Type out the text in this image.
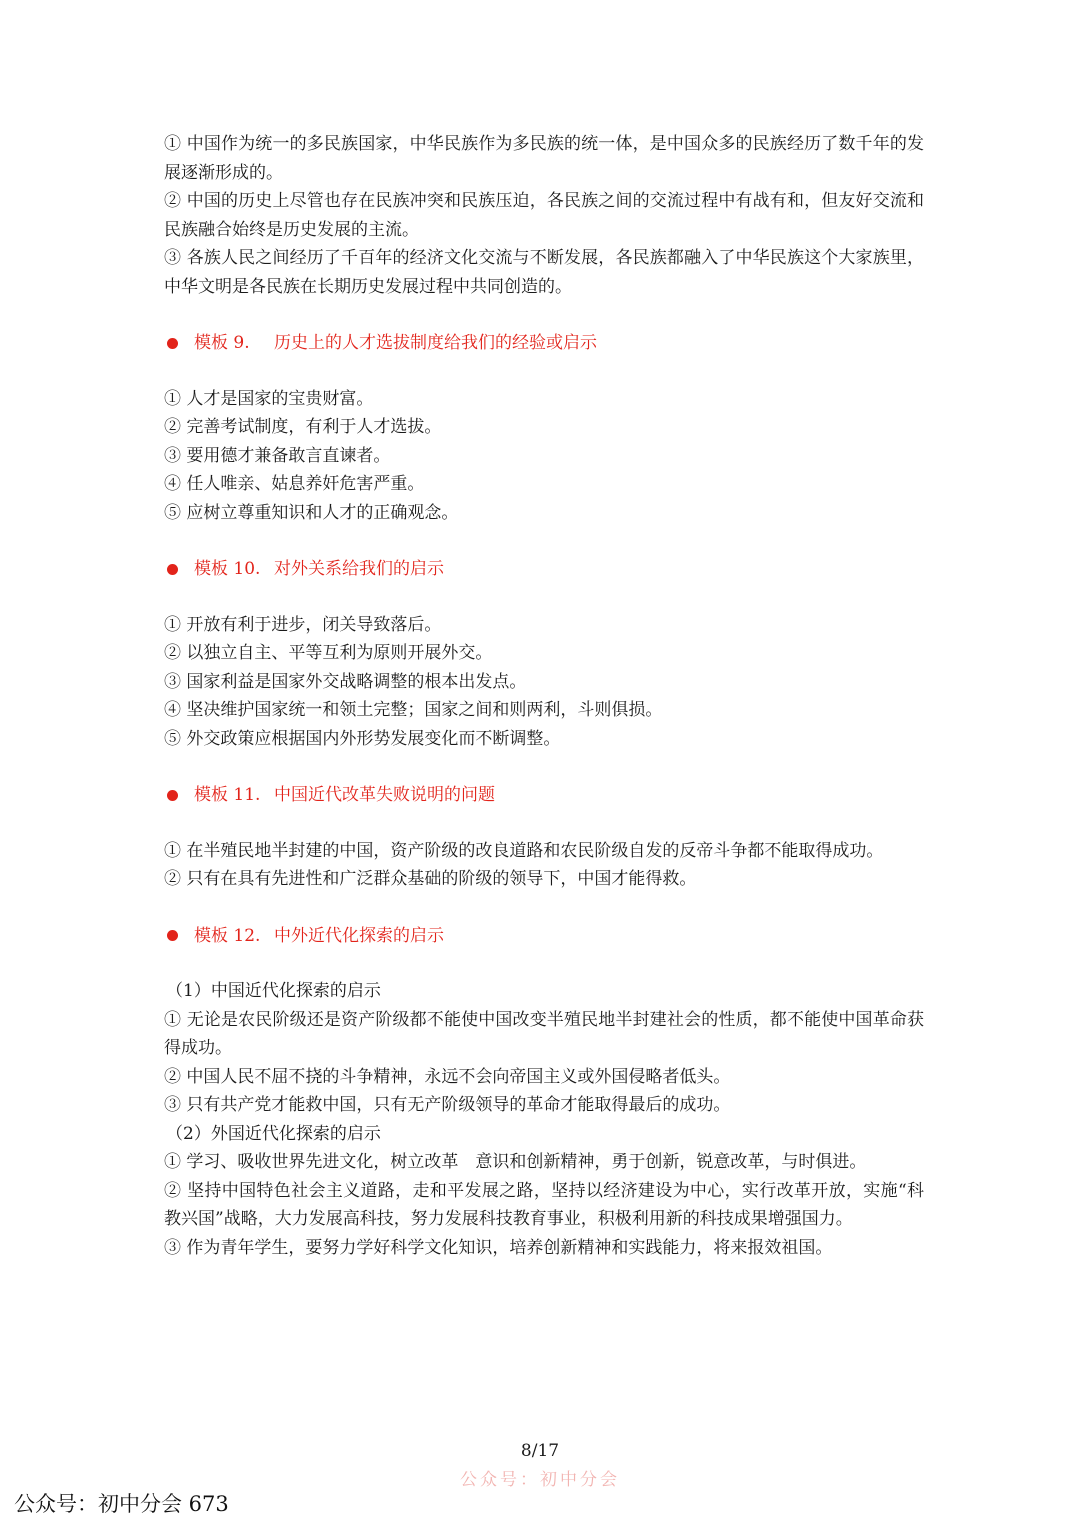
① 中国作为统一的多民族国家，中华民族作为多民族的统一体，是中国众多的民族经历了数千年的发展逐渐形成的。

② 中国的历史上尽管也存在民族冲突和民族压迫，各民族之间的交流过程中有战有和，但友好交流和民族融合始终是历史发展的主流。

③ 各族人民之间经历了千百年的经济文化交流与不断发展，各民族都融入了中华民族这个大家族里，中华文明是各民族在长期历史发展过程中共同创造的。

模板 9.	历史上的人才选拔制度给我们的经验或启示

① 人才是国家的宝贵财富。

② 完善考试制度，有利于人才选拔。

③ 要用德才兼备敢言直谏者。

④ 任人唯亲、姑息养奸危害严重。

⑤ 应树立尊重知识和人才的正确观念。

模板 10. 对外关系给我们的启示

① 开放有利于进步，闭关导致落后。

② 以独立自主、平等互利为原则开展外交。

③ 国家利益是国家外交战略调整的根本出发点。

④ 坚决维护国家统一和领土完整；国家之间和则两利，斗则俱损。

⑤ 外交政策应根据国内外形势发展变化而不断调整。

模板 11. 中国近代改革失败说明的问题

① 在半殖民地半封建的中国，资产阶级的改良道路和农民阶级自发的反帝斗争都不能取得成功。

② 只有在具有先进性和广泛群众基础的阶级的领导下，中国才能得救。

模板 12. 中外近代化探索的启示

（1）中国近代化探索的启示

① 无论是农民阶级还是资产阶级都不能使中国改变半殖民地半封建社会的性质，都不能使中国革命获得成功。

② 中国人民不屈不挠的斗争精神，永远不会向帝国主义或外国侵略者低头。

③ 只有共产党才能救中国，只有无产阶级领导的革命才能取得最后的成功。

（2）外国近代化探索的启示

① 学习、吸收世界先进文化，树立改革　意识和创新精神，勇于创新，锐意改革，与时俱进。

② 坚持中国特色社会主义道路，走和平发展之路，坚持以经济建设为中心，实行改革开放，实施“科教兴国”战略，大力发展高科技，努力发展科技教育事业，积极利用新的科技成果增强国力。

③ 作为青年学生，要努力学好科学文化知识，培养创新精神和实践能力，将来报效祖国。

8/17
公众号：初中分会
公众号：初中分会 673
